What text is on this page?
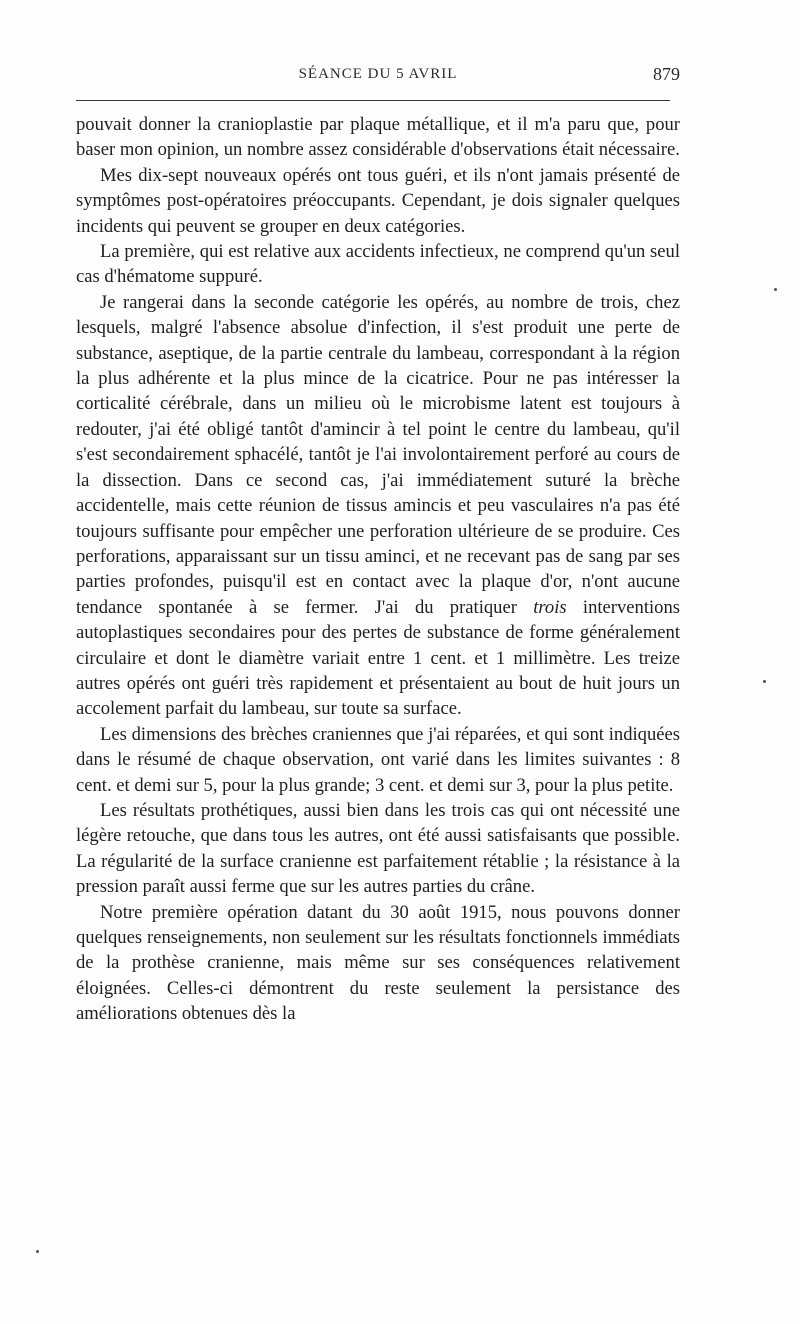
SÉANCE DU 5 AVRIL	879

pouvait donner la cranioplastie par plaque métallique, et il m'a paru que, pour baser mon opinion, un nombre assez considérable d'observations était nécessaire.

Mes dix-sept nouveaux opérés ont tous guéri, et ils n'ont jamais présenté de symptômes post-opératoires préoccupants. Cependant, je dois signaler quelques incidents qui peuvent se grouper en deux catégories.

La première, qui est relative aux accidents infectieux, ne comprend qu'un seul cas d'hématome suppuré.

Je rangerai dans la seconde catégorie les opérés, au nombre de trois, chez lesquels, malgré l'absence absolue d'infection, il s'est produit une perte de substance, aseptique, de la partie centrale du lambeau, correspondant à la région la plus adhérente et la plus mince de la cicatrice. Pour ne pas intéresser la corticalité cérébrale, dans un milieu où le microbisme latent est toujours à redouter, j'ai été obligé tantôt d'amincir à tel point le centre du lambeau, qu'il s'est secondairement sphacélé, tantôt je l'ai involontairement perforé au cours de la dissection. Dans ce second cas, j'ai immédiatement suturé la brèche accidentelle, mais cette réunion de tissus amincis et peu vasculaires n'a pas été toujours suffisante pour empêcher une perforation ultérieure de se produire. Ces perforations, apparaissant sur un tissu aminci, et ne recevant pas de sang par ses parties profondes, puisqu'il est en contact avec la plaque d'or, n'ont aucune tendance spontanée à se fermer. J'ai du pratiquer trois interventions autoplastiques secondaires pour des pertes de substance de forme généralement circulaire et dont le diamètre variait entre 1 cent. et 1 millimètre. Les treize autres opérés ont guéri très rapidement et présentaient au bout de huit jours un accolement parfait du lambeau, sur toute sa surface.

Les dimensions des brèches craniennes que j'ai réparées, et qui sont indiquées dans le résumé de chaque observation, ont varié dans les limites suivantes : 8 cent. et demi sur 5, pour la plus grande; 3 cent. et demi sur 3, pour la plus petite.

Les résultats prothétiques, aussi bien dans les trois cas qui ont nécessité une légère retouche, que dans tous les autres, ont été aussi satisfaisants que possible. La régularité de la surface cranienne est parfaitement rétablie ; la résistance à la pression paraît aussi ferme que sur les autres parties du crâne.

Notre première opération datant du 30 août 1915, nous pouvons donner quelques renseignements, non seulement sur les résultats fonctionnels immédiats de la prothèse cranienne, mais même sur ses conséquences relativement éloignées. Celles-ci démontrent du reste seulement la persistance des améliorations obtenues dès la
